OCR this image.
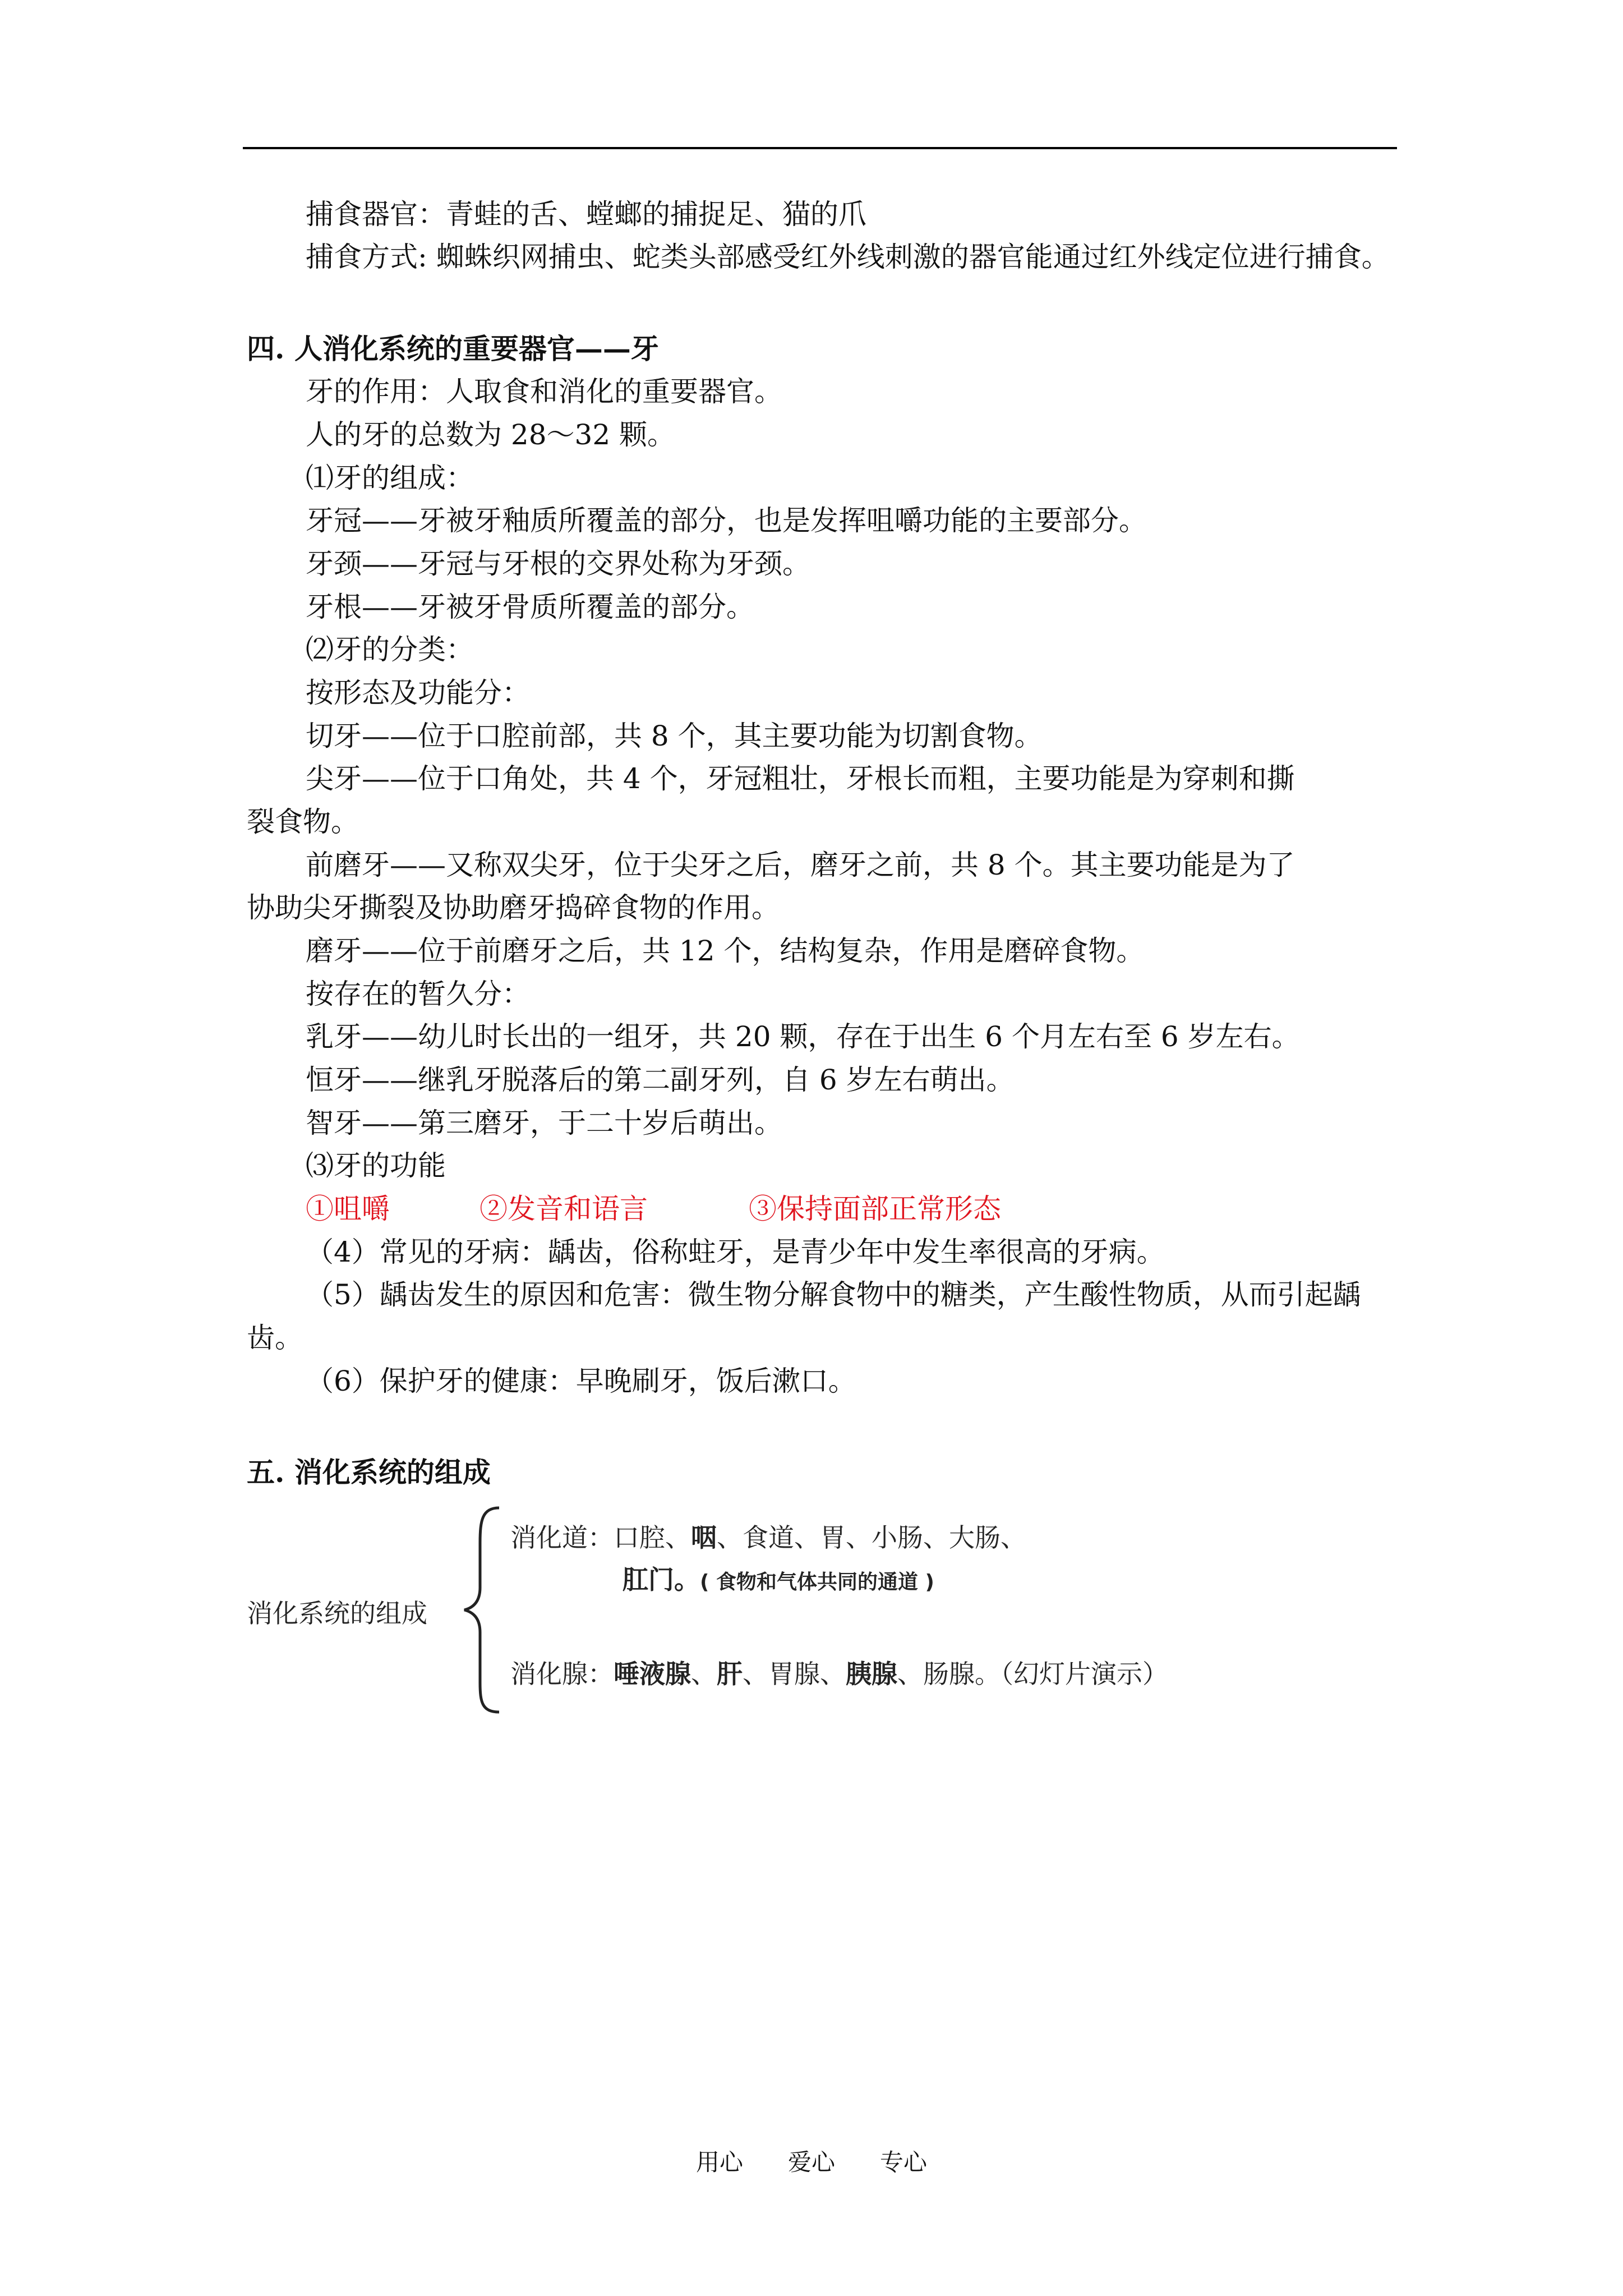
捕食器官：青蛙的舌、螳螂的捕捉足、猫的爪
捕食方式: 蜘蛛织网捕虫、蛇类头部感受红外线刺激的器官能通过红外线定位进行捕食。
四. 人消化系统的重要器官——牙
牙的作用：人取食和消化的重要器官。
人的牙的总数为 28～32 颗。
⑴牙的组成：
牙冠——牙被牙釉质所覆盖的部分，也是发挥咀嚼功能的主要部分。
牙颈——牙冠与牙根的交界处称为牙颈。
牙根——牙被牙骨质所覆盖的部分。
⑵牙的分类：
按形态及功能分：
切牙——位于口腔前部，共 8 个，其主要功能为切割食物。
尖牙——位于口角处，共 4 个，牙冠粗壮，牙根长而粗，主要功能是为穿刺和撕
裂食物。
前磨牙——又称双尖牙，位于尖牙之后，磨牙之前，共 8 个。其主要功能是为了
协助尖牙撕裂及协助磨牙捣碎食物的作用。
磨牙——位于前磨牙之后，共 12 个，结构复杂，作用是磨碎食物。
按存在的暂久分：
乳牙——幼儿时长出的一组牙，共 20 颗，存在于出生 6 个月左右至 6 岁左右。
恒牙——继乳牙脱落后的第二副牙列，自 6 岁左右萌出。
智牙——第三磨牙，于二十岁后萌出。
⑶牙的功能
①咀嚼	②发音和语言	③保持面部正常形态
（4）常见的牙病：龋齿，俗称蛀牙，是青少年中发生率很高的牙病。
（5）龋齿发生的原因和危害：微生物分解食物中的糖类，产生酸性物质，从而引起龋
齿。
（6）保护牙的健康：早晚刷牙，饭后漱口。
五. 消化系统的组成
消化系统的组成
消化道：口腔、咽、食道、胃、小肠、大肠、
肛门。( 食物和气体共同的通道 )
消化腺：唾液腺、肝、胃腺、胰腺、肠腺。（幻灯片演示）
用心 爱心 专心
